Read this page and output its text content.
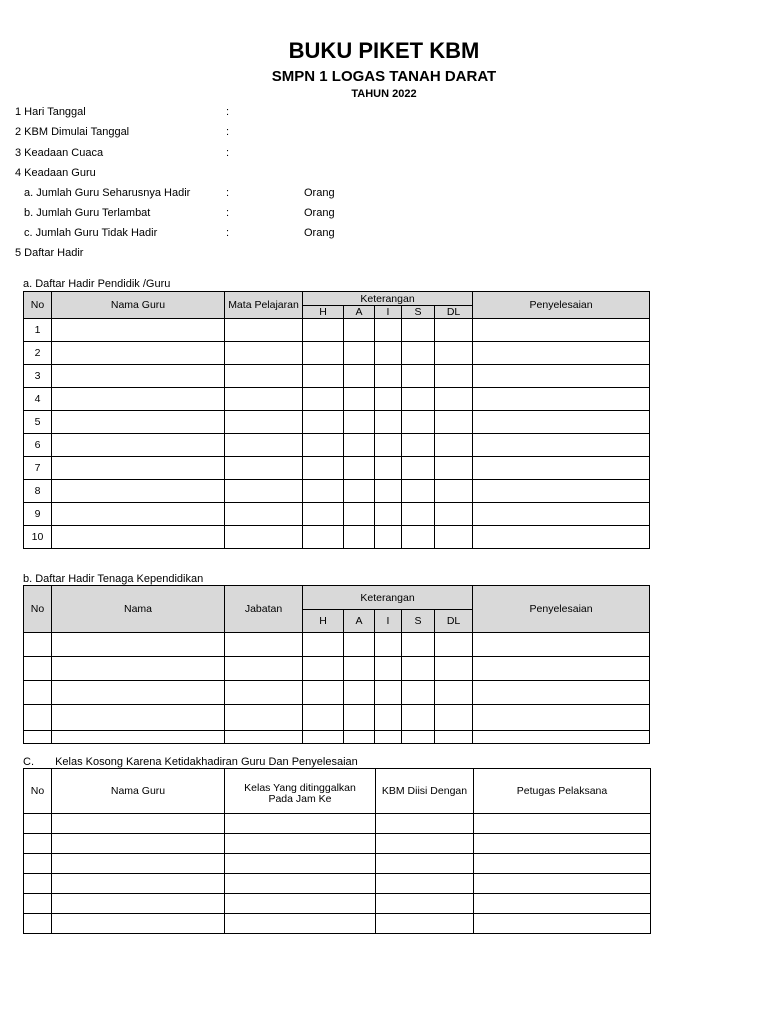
BUKU PIKET KBM
SMPN 1 LOGAS TANAH DARAT
TAHUN 2022
1 Hari Tanggal	:
2 KBM Dimulai Tanggal	:
3 Keadaan Cuaca	:
4 Keadaan Guru
a. Jumlah Guru Seharusnya Hadir	:	Orang
b. Jumlah Guru Terlambat	:	Orang
c. Jumlah Guru Tidak Hadir	:	Orang
5 Daftar Hadir
a. Daftar Hadir Pendidik /Guru
No	Nama Guru	Mata Pelajaran	Keterangan					Penyelesaian
			H	A	I	S	DL	
1								
2								
3								
4								
5								
6								
7								
8								
9								
10								
b. Daftar Hadir Tenaga Kependidikan
No	Nama	Jabatan	Keterangan					Penyelesaian
			H	A	I	S	DL	

C. Kelas Kosong Karena Ketidakhadiran Guru Dan Penyelesaian
No	Nama Guru	Kelas Yang ditinggalkan
Pada Jam Ke	KBM Diisi Dengan	Petugas Pelaksana
